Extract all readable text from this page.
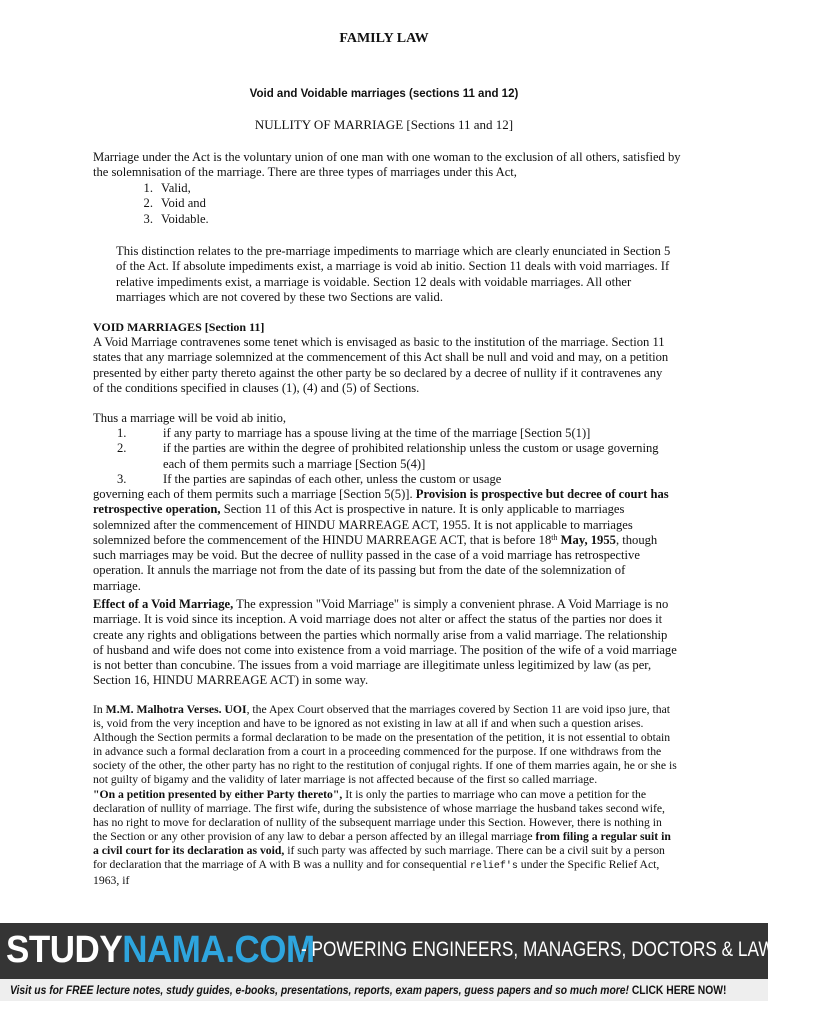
FAMILY LAW
Void and Voidable marriages (sections 11 and 12)
NULLITY OF MARRIAGE [Sections 11 and 12]
Marriage under the Act is the voluntary union of one man with one woman to the exclusion of all others, satisfied by the solemnisation of the marriage. There are three types of marriages under this Act,
1. Valid,
2. Void and
3. Voidable.
This distinction relates to the pre-marriage impediments to marriage which are clearly enunciated in Section 5 of the Act. If absolute impediments exist, a marriage is void ab initio. Section 11 deals with void marriages. If relative impediments exist, a marriage is voidable. Section 12 deals with voidable marriages. All other marriages which are not covered by these two Sections are valid.
VOID MARRIAGES [Section 11]
A Void Marriage contravenes some tenet which is envisaged as basic to the institution of the marriage. Section 11 states that any marriage solemnized at the commencement of this Act shall be null and void and may, on a petition presented by either party thereto against the other party be so declared by a decree of nullity if it contravenes any of the conditions specified in clauses (1), (4) and (5) of Sections.
Thus a marriage will be void ab initio,
1.	if any party to marriage has a spouse living at the time of the marriage [Section 5(1)]
2.	if the parties are within the degree of prohibited relationship unless the custom or usage governing each of them permits such a marriage [Section 5(4)]
3.	If the parties are sapindas of each other, unless the custom or usage
governing each of them permits such a marriage [Section 5(5)]. Provision is prospective but decree of court has retrospective operation, Section 11 of this Act is prospective in nature. It is only applicable to marriages solemnized after the commencement of HINDU MARREAGE ACT, 1955. It is not applicable to marriages solemnized before the commencement of the HINDU MARREAGE ACT, that is before 18th May, 1955, though such marriages may be void. But the decree of nullity passed in the case of a void marriage has retrospective operation. It annuls the marriage not from the date of its passing but from the date of the solemnization of marriage.
Effect of a Void Marriage, The expression "Void Marriage" is simply a convenient phrase. A Void Marriage is no marriage. It is void since its inception. A void marriage does not alter or affect the status of the parties nor does it create any rights and obligations between the parties which normally arise from a valid marriage. The relationship of husband and wife does not come into existence from a void marriage. The position of the wife of a void marriage is not better than concubine. The issues from a void marriage are illegitimate unless legitimized by law (as per, Section 16, HINDU MARREAGE ACT) in some way.
In M.M. Malhotra Verses. UOI, the Apex Court observed that the marriages covered by Section 11 are void ipso jure, that is, void from the very inception and have to be ignored as not existing in law at all if and when such a question arises. Although the Section permits a formal declaration to be made on the presentation of the petition, it is not essential to obtain in advance such a formal declaration from a court in a proceeding commenced for the purpose. If one withdraws from the society of the other, the other party has no right to the restitution of conjugal rights. If one of them marries again, he or she is not guilty of bigamy and the validity of later marriage is not affected because of the first so called marriage.
"On a petition presented by either Party thereto", It is only the parties to marriage who can move a petition for the declaration of nullity of marriage. The first wife, during the subsistence of whose marriage the husband takes second wife, has no right to move for declaration of nullity of the subsequent marriage under this Section. However, there is nothing in the Section or any other provision of any law to debar a person affected by an illegal marriage from filing a regular suit in a civil court for its declaration as void, if such party was affected by such marriage. There can be a civil suit by a person for declaration that the marriage of A with B was a nullity and for consequential relief's under the Specific Relief Act, 1963, if
STUDYNAMA.COM
- POWERING ENGINEERS, MANAGERS, DOCTORS & LAWYERS.
Visit us for FREE lecture notes, study guides, e-books, presentations, reports, exam papers, guess papers and so much more! CLICK HERE NOW!
